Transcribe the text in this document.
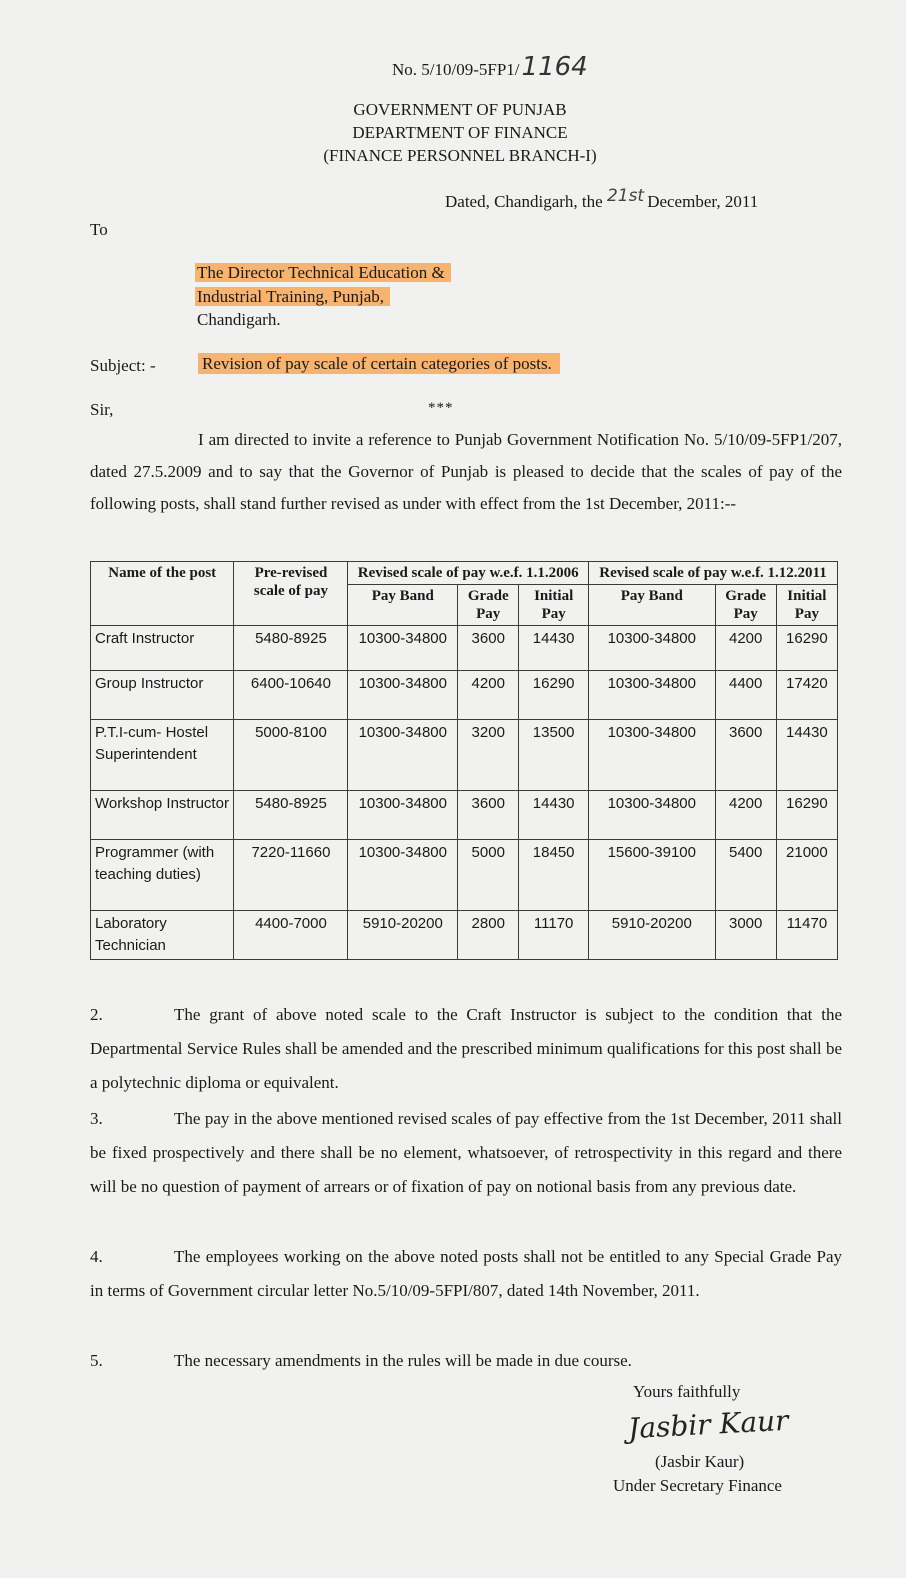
No. 5/10/09-5FP1/1164
GOVERNMENT OF PUNJAB
DEPARTMENT OF FINANCE
(FINANCE PERSONNEL BRANCH-I)
Dated, Chandigarh, the 21st December, 2011
To
The Director Technical Education &
Industrial Training, Punjab,
Chandigarh.
Subject: -	Revision of pay scale of certain categories of posts.
Sir,	***
I am directed to invite a reference to Punjab Government Notification No. 5/10/09-5FP1/207, dated 27.5.2009 and to say that the Governor of Punjab is pleased to decide that the scales of pay of the following posts, shall stand further revised as under with effect from the 1st December, 2011:--
Name of the post	Pre-revised scale of pay	Revised scale of pay w.e.f. 1.1.2006			Revised scale of pay w.e.f. 1.12.2011		
		Pay Band	Grade Pay	Initial Pay	Pay Band	Grade Pay	Initial Pay
Craft Instructor	5480-8925	10300-34800	3600	14430	10300-34800	4200	16290
Group Instructor	6400-10640	10300-34800	4200	16290	10300-34800	4400	17420
P.T.I-cum- Hostel Superintendent	5000-8100	10300-34800	3200	13500	10300-34800	3600	14430
Workshop Instructor	5480-8925	10300-34800	3600	14430	10300-34800	4200	16290
Programmer (with teaching duties)	7220-11660	10300-34800	5000	18450	15600-39100	5400	21000
Laboratory Technician	4400-7000	5910-20200	2800	11170	5910-20200	3000	11470
2.	The grant of above noted scale to the Craft Instructor is subject to the condition that the Departmental Service Rules shall be amended and the prescribed minimum qualifications for this post shall be a polytechnic diploma or equivalent.
3.	The pay in the above mentioned revised scales of pay effective from the 1st December, 2011 shall be fixed prospectively and there shall be no element, whatsoever, of retrospectivity in this regard and there will be no question of payment of arrears or of fixation of pay on notional basis from any previous date.
4.	The employees working on the above noted posts shall not be entitled to any Special Grade Pay in terms of Government circular letter No.5/10/09-5FPI/807, dated 14th November, 2011.
5.	The necessary amendments in the rules will be made in due course.
Yours faithfully
Jasbir Kaur
(Jasbir Kaur)
Under Secretary Finance
